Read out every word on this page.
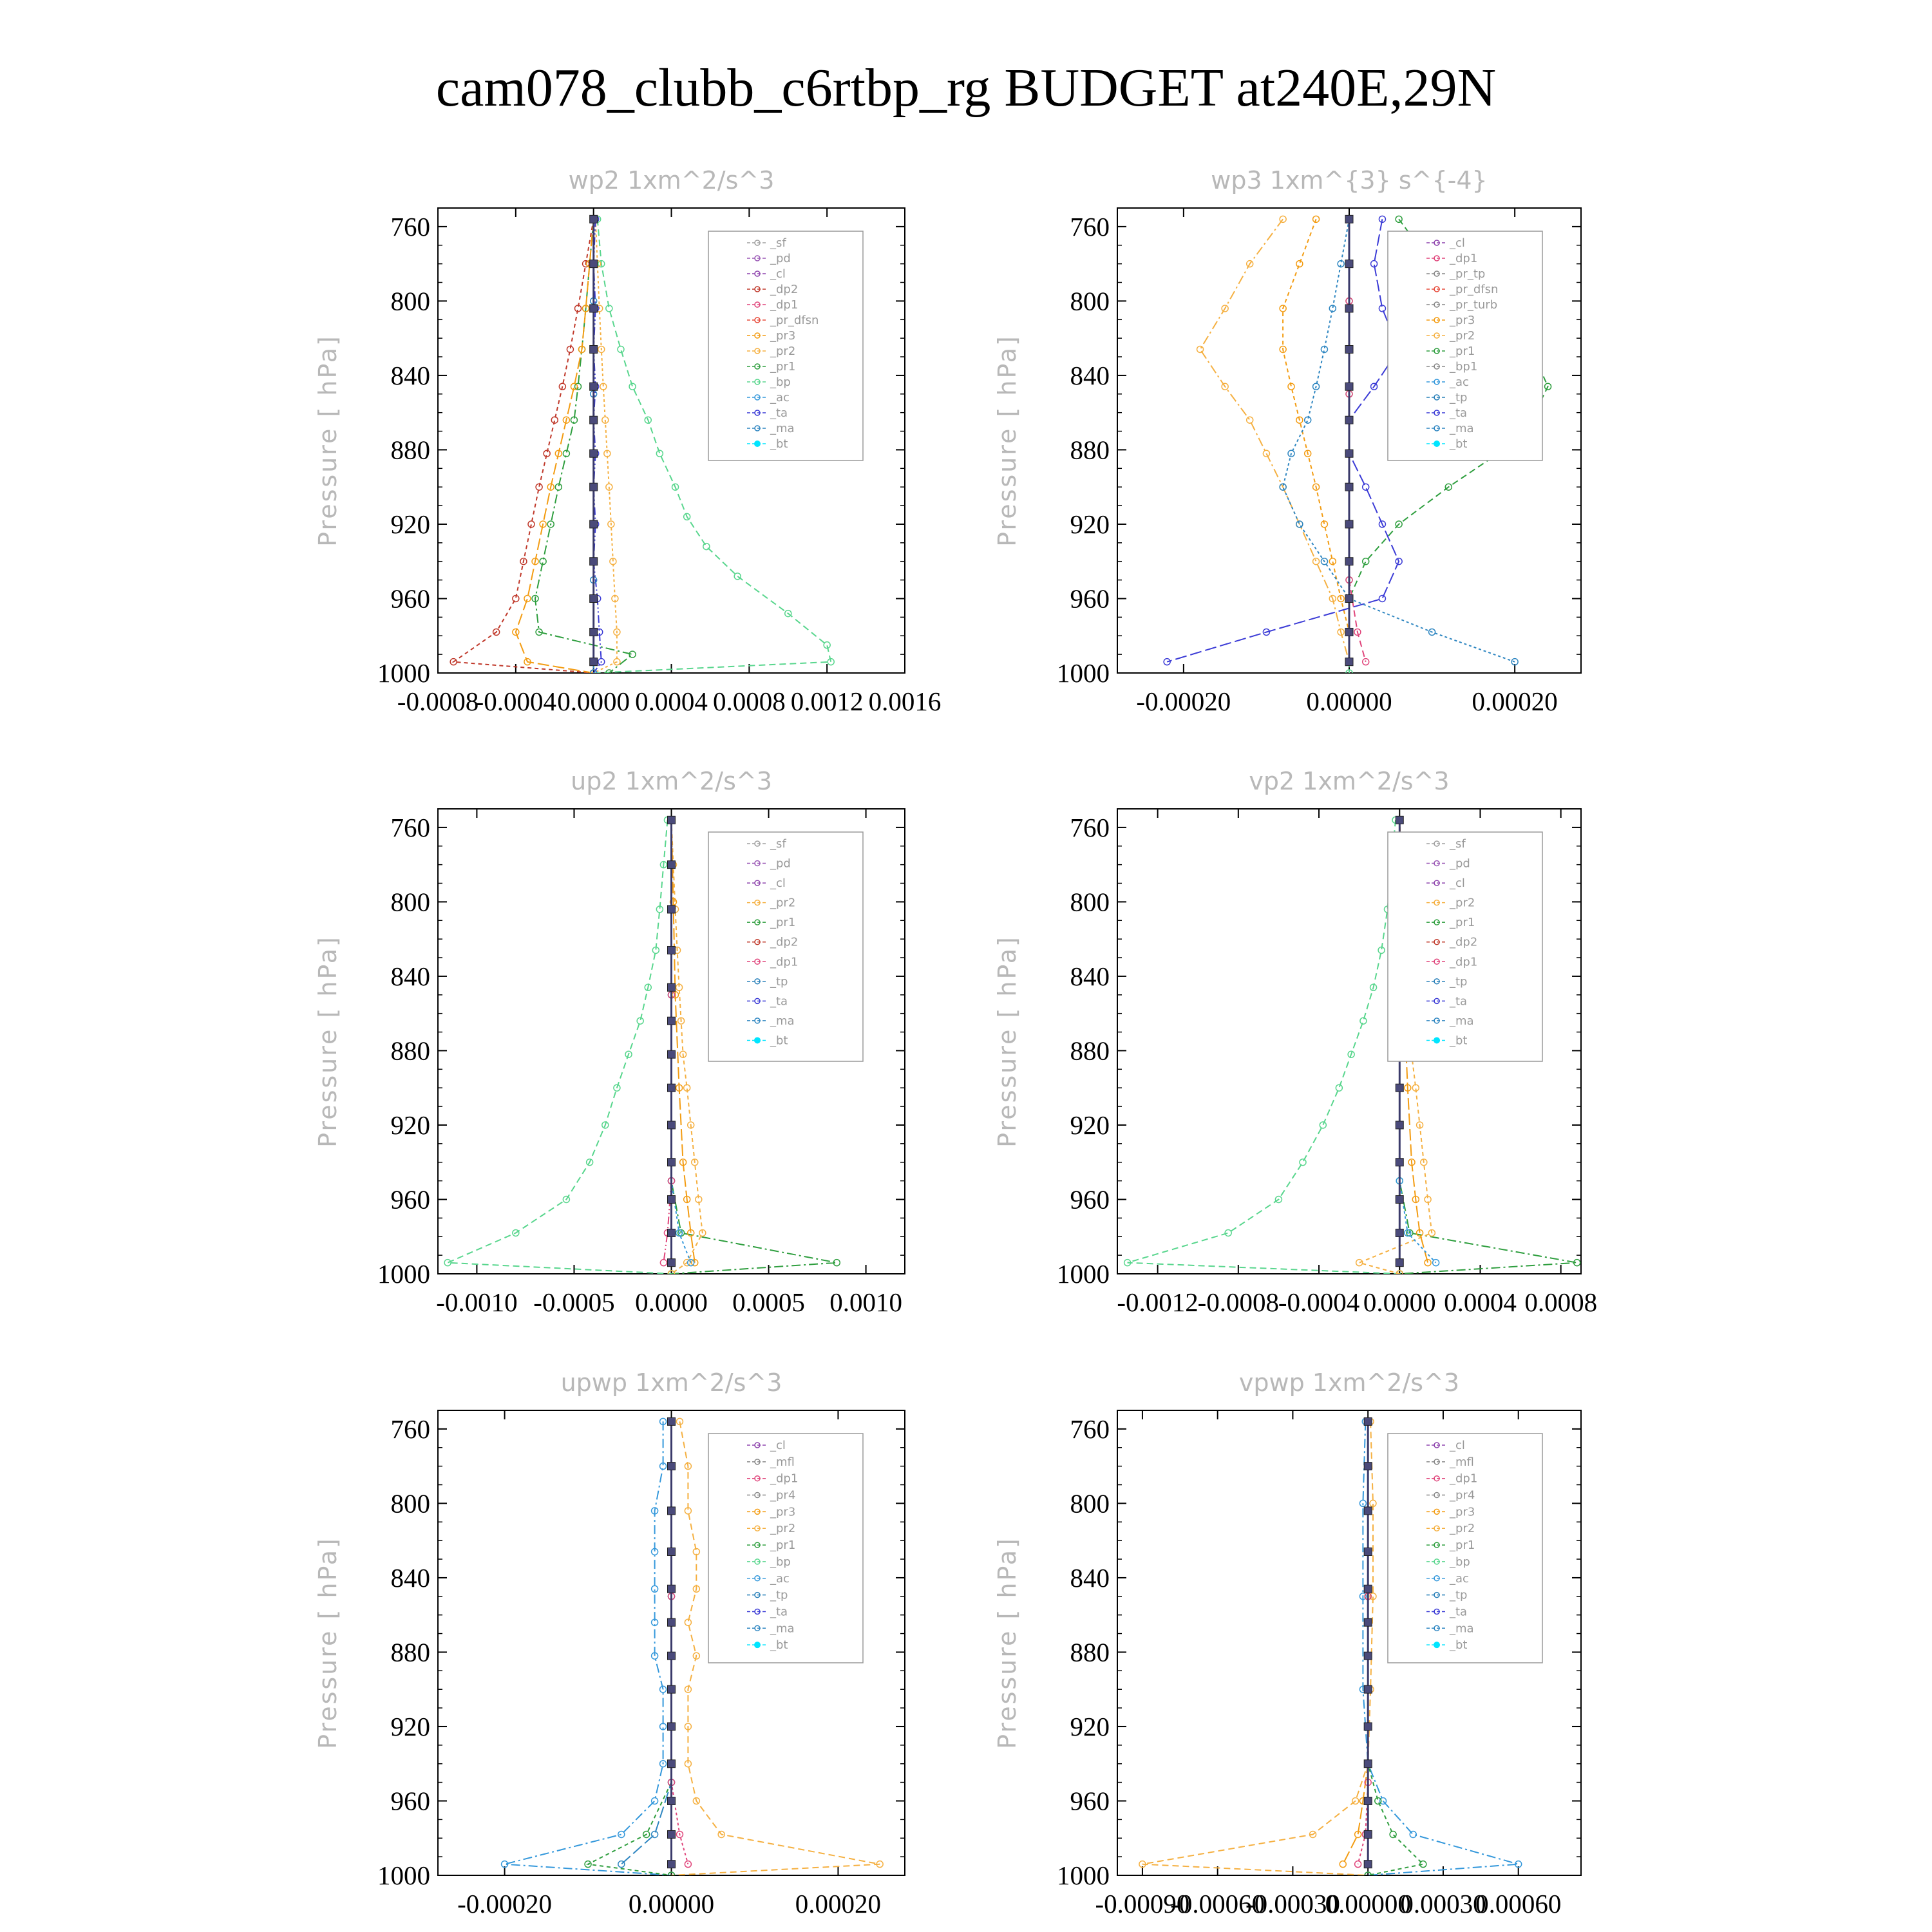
cam078_clubb_c6rtbp_rg BUDGET at240E,29N
wp2 1xm^2/s^3
Pressure [ hPa]
760
800
840
880
920
960
1000
-0.0008
-0.0004 0.0000 0.0004 0.0008 0.0012 0.0016
_sf
_pd
_cl
_dp2
_dp1
_pr_dfsn
_pr3
_pr2
_pr1
_bp
_ac
_ta
_ma
_bt
wp3 1xm^{3} s^{-4}
Pressure [ hPa]
760
800
840
880
920
960
1000
-0.00020	0.00000	0.00020
_cl
_dp1
_pr_tp
_pr_dfsn
_pr_turb
_pr3
_pr2
_pr1
_bp1
_ac
_tp
_ta
_ma
_bt
up2 1xm^2/s^3
Pressure [ hPa]
760
800
840
880
920
960
1000
-0.0010 -0.0005 0.0000 0.0005 0.0010
_sf
_pd
_cl
_pr2
_pr1
_dp2
_dp1
_tp
_ta
_ma
_bt
vp2 1xm^2/s^3
Pressure [ hPa]
760
800
840
880
920
960
1000
-0.0012
-0.0008
-0.0004 0.0000 0.0004 0.0008
_sf
_pd
_cl
_pr2
_pr1
_dp2
_dp1
_tp
_ta
_ma
_bt
upwp 1xm^2/s^3
Pressure [ hPa]
760
800
840
880
920
960
1000
-0.00020	0.00000	0.00020
_cl
_mfl
_dp1
_pr4
_pr3
_pr2
_pr1
_bp
_ac
_tp
_ta
_ma
_bt
vpwp 1xm^2/s^3
Pressure [ hPa]
760
800
840
880
920
960
1000
-0.00090
-0.00060
-0.00030
0.00000
0.00030
0.00060
_cl
_mfl
_dp1
_pr4
_pr3
_pr2
_pr1
_bp
_ac
_tp
_ta
_ma
_bt
